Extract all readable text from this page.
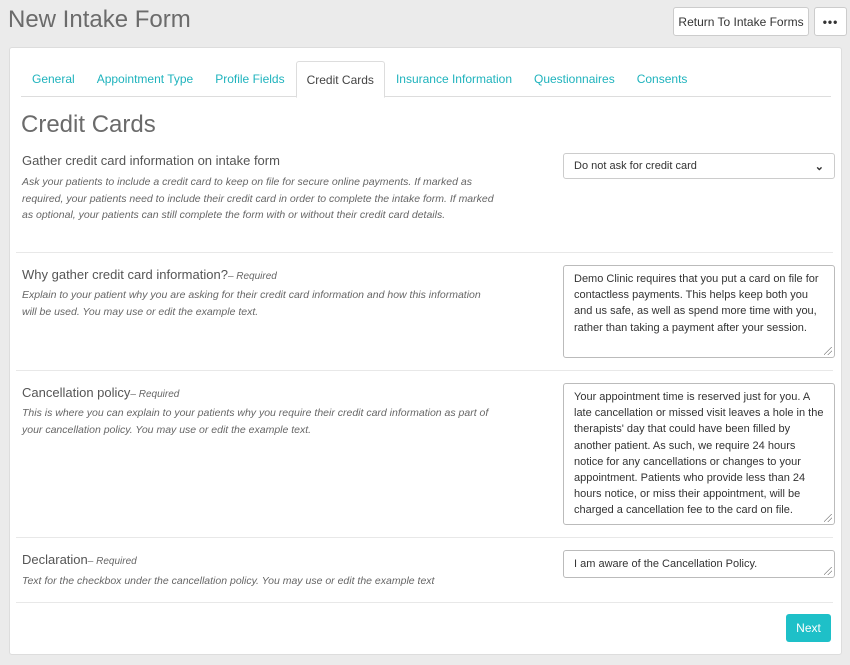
New Intake Form	Return To Intake Forms	•••
General	Appointment Type	Profile Fields	Credit Cards	Insurance Information	Questionnaires	Consents
Credit Cards
Gather credit card information on intake form
Ask your patients to include a credit card to keep on file for secure online payments. If marked as required, your patients need to include their credit card in order to complete the intake form. If marked as optional, your patients can still complete the form with or without their credit card details.
Do not ask for credit card	⌄
Why gather credit card information?– Required
Explain to your patient why you are asking for their credit card information and how this information will be used. You may use or edit the example text.
Demo Clinic requires that you put a card on file for contactless payments. This helps keep both you and us safe, as well as spend more time with you, rather than taking a payment after your session.
Cancellation policy– Required
This is where you can explain to your patients why you require their credit card information as part of your cancellation policy. You may use or edit the example text.
Your appointment time is reserved just for you. A late cancellation or missed visit leaves a hole in the therapists' day that could have been filled by another patient. As such, we require 24 hours notice for any cancellations or changes to your appointment. Patients who provide less than 24 hours notice, or miss their appointment, will be charged a cancellation fee to the card on file.
Declaration– Required
Text for the checkbox under the cancellation policy. You may use or edit the example text
I am aware of the Cancellation Policy.
Next
